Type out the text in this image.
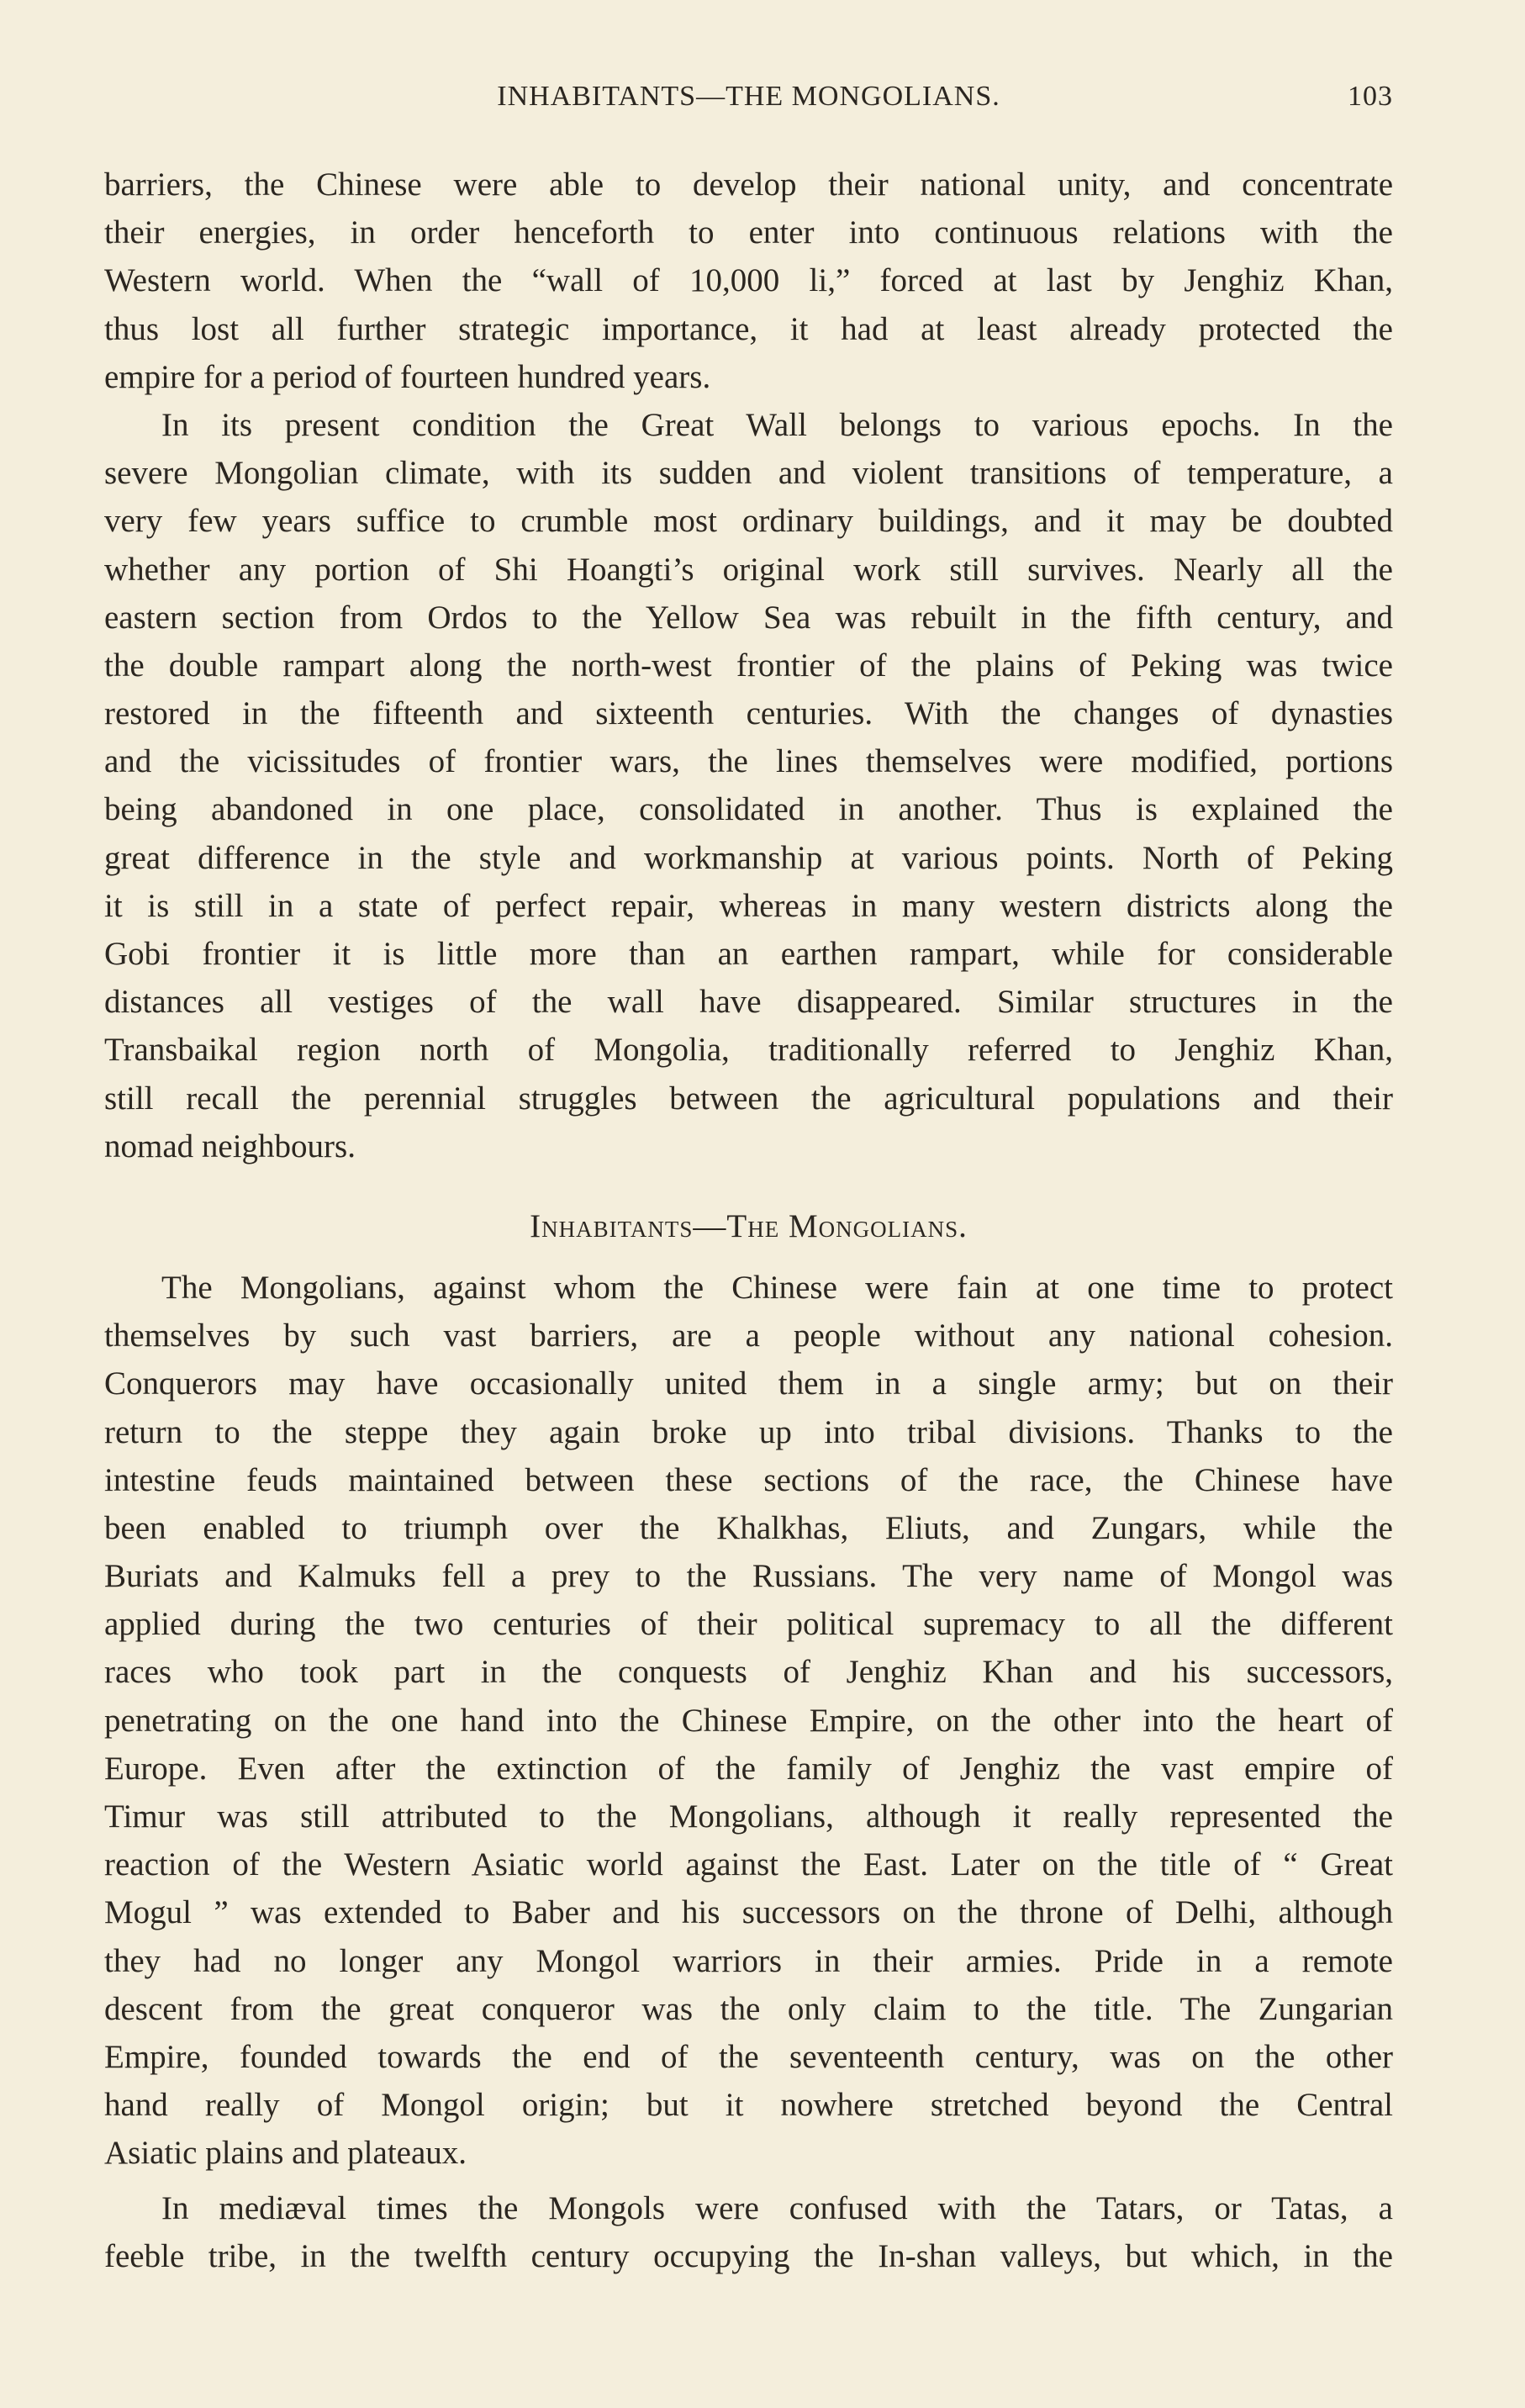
INHABITANTS—THE MONGOLIANS.	103
barriers, the Chinese were able to develop their national unity, and concentrate
their energies, in order henceforth to enter into continuous relations with the
Western world. When the “wall of 10,000 li,” forced at last by Jenghiz Khan,
thus lost all further strategic importance, it had at least already protected the
empire for a period of fourteen hundred years.
In its present condition the Great Wall belongs to various epochs. In the
severe Mongolian climate, with its sudden and violent transitions of temperature, a
very few years suffice to crumble most ordinary buildings, and it may be doubted
whether any portion of Shi Hoangti’s original work still survives. Nearly all the
eastern section from Ordos to the Yellow Sea was rebuilt in the fifth century, and
the double rampart along the north-west frontier of the plains of Peking was twice
restored in the fifteenth and sixteenth centuries. With the changes of dynasties
and the vicissitudes of frontier wars, the lines themselves were modified, portions
being abandoned in one place, consolidated in another. Thus is explained the
great difference in the style and workmanship at various points. North of Peking
it is still in a state of perfect repair, whereas in many western districts along the
Gobi frontier it is little more than an earthen rampart, while for considerable
distances all vestiges of the wall have disappeared. Similar structures in the
Transbaikal region north of Mongolia, traditionally referred to Jenghiz Khan,
still recall the perennial struggles between the agricultural populations and their
nomad neighbours.
Inhabitants—The Mongolians.
The Mongolians, against whom the Chinese were fain at one time to protect
themselves by such vast barriers, are a people without any national cohesion.
Conquerors may have occasionally united them in a single army; but on their
return to the steppe they again broke up into tribal divisions. Thanks to the
intestine feuds maintained between these sections of the race, the Chinese have
been enabled to triumph over the Khalkhas, Eliuts, and Zungars, while the
Buriats and Kalmuks fell a prey to the Russians. The very name of Mongol was
applied during the two centuries of their political supremacy to all the different
races who took part in the conquests of Jenghiz Khan and his successors,
penetrating on the one hand into the Chinese Empire, on the other into the heart of
Europe. Even after the extinction of the family of Jenghiz the vast empire of
Timur was still attributed to the Mongolians, although it really represented the
reaction of the Western Asiatic world against the East. Later on the title of “ Great
Mogul ” was extended to Baber and his successors on the throne of Delhi, although
they had no longer any Mongol warriors in their armies. Pride in a remote
descent from the great conqueror was the only claim to the title. The Zungarian
Empire, founded towards the end of the seventeenth century, was on the other
hand really of Mongol origin; but it nowhere stretched beyond the Central
Asiatic plains and plateaux.
In mediæval times the Mongols were confused with the Tatars, or Tatas, a
feeble tribe, in the twelfth century occupying the In-shan valleys, but which, in the
